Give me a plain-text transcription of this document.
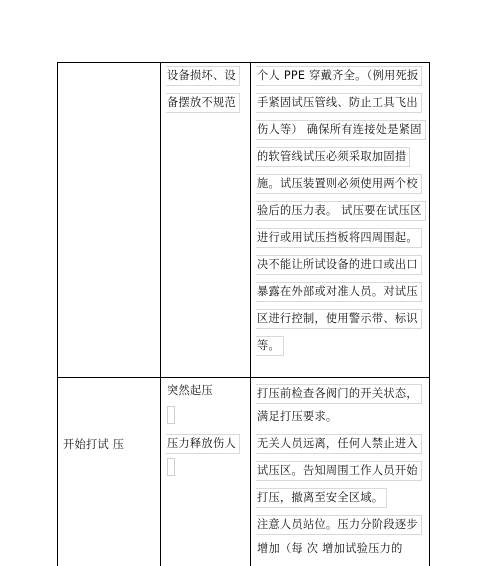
设备损坏、设
备摆放不规范
个人 PPE 穿戴齐全。（例用死扳
手紧固试压管线、防止工具飞出
伤人等） 确保所有连接处是紧固
的软管线试压必须采取加固措
施。试压装置则必须使用两个校
验后的压力表。 试压要在试压区
进行或用试压挡板将四周围起。
决不能让所试设备的进口或出口
暴露在外部或对准人员。对试压
区进行控制，使用警示带、标识
等。
开始打试 压
突然起压
压力释放伤人
打压前检查各阀门的开关状态，
满足打压要求。
无关人员远离，任何人禁止进入
试压区。告知周围工作人员开始
打压，撤离至安全区域。
注意人员站位。压力分阶段逐步
增加（每 次 增加试验压力的
